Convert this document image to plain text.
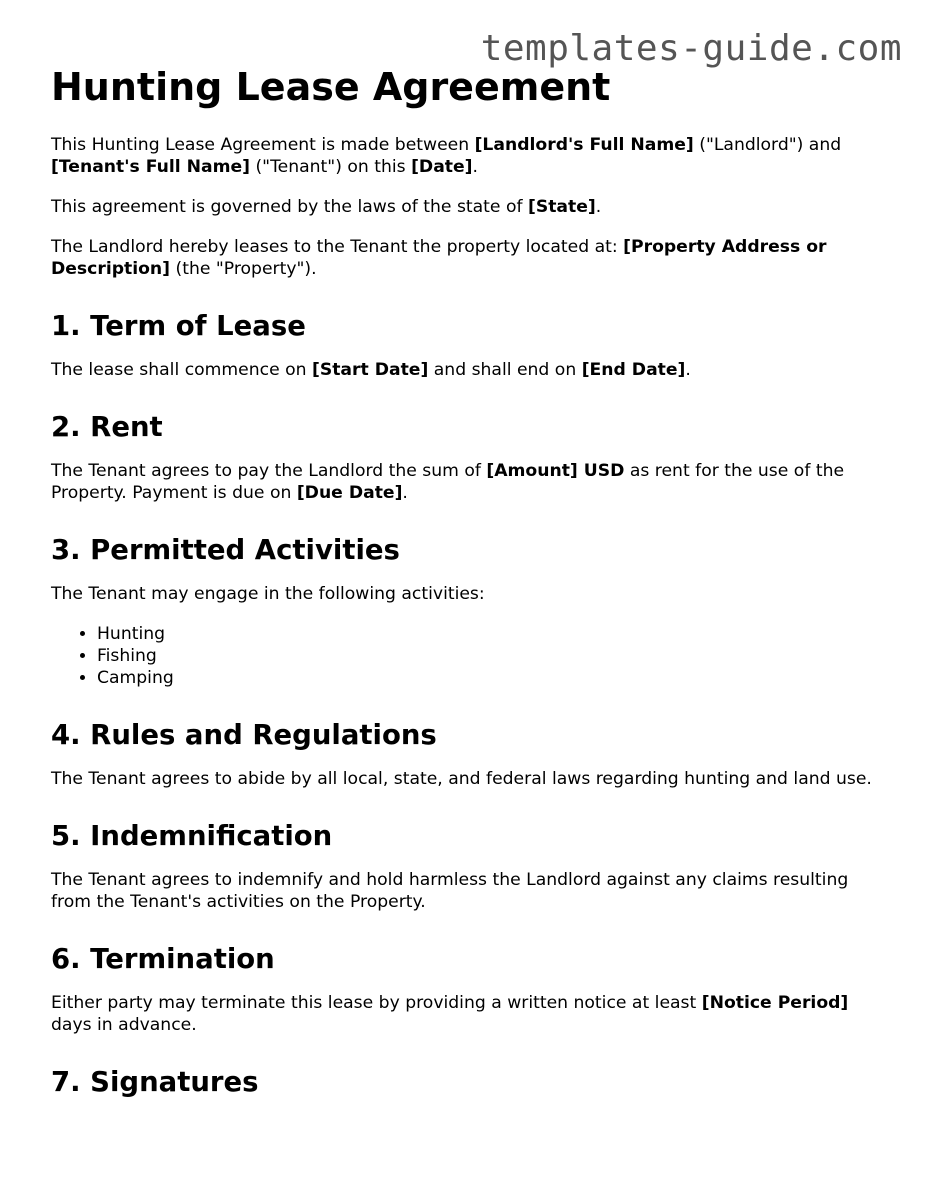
templates-guide.com
Hunting Lease Agreement

This Hunting Lease Agreement is made between [Landlord's Full Name] ("Landlord") and [Tenant's Full Name] ("Tenant") on this [Date].

This agreement is governed by the laws of the state of [State].

The Landlord hereby leases to the Tenant the property located at: [Property Address or Description] (the "Property").

1. Term of Lease

The lease shall commence on [Start Date] and shall end on [End Date].

2. Rent

The Tenant agrees to pay the Landlord the sum of [Amount] USD as rent for the use of the Property. Payment is due on [Due Date].

3. Permitted Activities

The Tenant may engage in the following activities:

• Hunting
• Fishing
• Camping
4. Rules and Regulations

The Tenant agrees to abide by all local, state, and federal laws regarding hunting and land use.

5. Indemnification

The Tenant agrees to indemnify and hold harmless the Landlord against any claims resulting from the Tenant's activities on the Property.

6. Termination

Either party may terminate this lease by providing a written notice at least [Notice Period] days in advance.

7. Signatures
